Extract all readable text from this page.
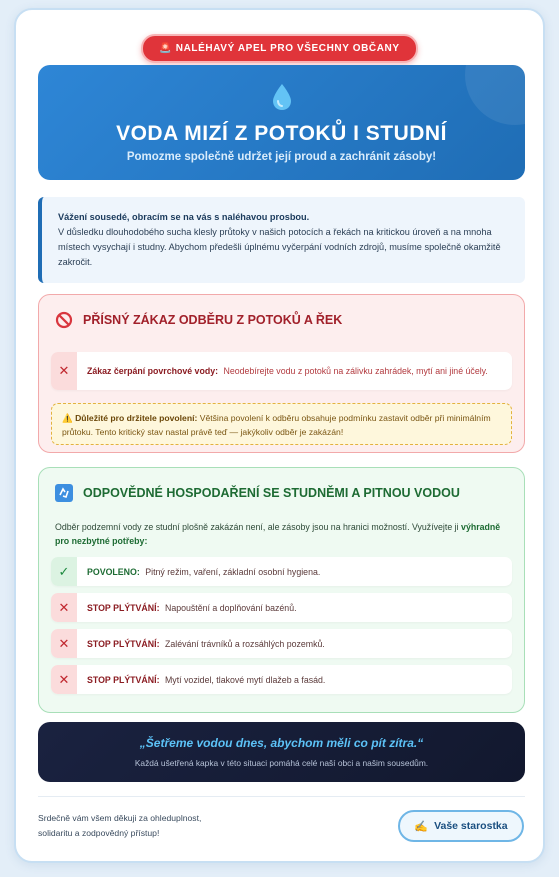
🚨 NALÉHAVÝ APEL PRO VŠECHNY OBČANY
VODA MIZÍ Z POTOKŮ I STUDNÍ
Pomozme společně udržet její proud a zachránit zásoby!
Vážení sousedé, obracím se na vás s naléhavou prosbou.
V důsledku dlouhodobého sucha klesly průtoky v našich potocích a řekách na kritickou úroveň a na mnoha místech vysychají i studny. Abychom předešli úplnému vyčerpání vodních zdrojů, musíme společně okamžitě zakročit.
PŘÍSNÝ ZÁKAZ ODBĚRU Z POTOKŮ A ŘEK
✕	Zákaz čerpání povrchové vody: Neodebírejte vodu z potoků na zálivku zahrádek, mytí ani jiné účely.
⚠️ Důležité pro držitele povolení: Většina povolení k odběru obsahuje podmínku zastavit odběr při minimálním průtoku. Tento kritický stav nastal právě teď — jakýkoliv odběr je zakázán!
ODPOVĚDNÉ HOSPODAŘENÍ SE STUDNĚMI A PITNOU VODOU
Odběr podzemní vody ze studní plošně zakázán není, ale zásoby jsou na hranici možností. Využívejte ji výhradně pro nezbytné potřeby:
✓	POVOLENO: Pitný režim, vaření, základní osobní hygiena.
✕	STOP PLÝTVÁNÍ: Napouštění a doplňování bazénů.
✕	STOP PLÝTVÁNÍ: Zalévání trávníků a rozsáhlých pozemků.
✕	STOP PLÝTVÁNÍ: Mytí vozidel, tlakové mytí dlažeb a fasád.
„Šetřeme vodou dnes, abychom měli co pít zítra.“
Každá ušetřená kapka v této situaci pomáhá celé naší obci a našim sousedům.
Srdečně vám všem děkuji za ohleduplnost,
solidaritu a zodpovědný přístup!
✍️ Vaše starostka
